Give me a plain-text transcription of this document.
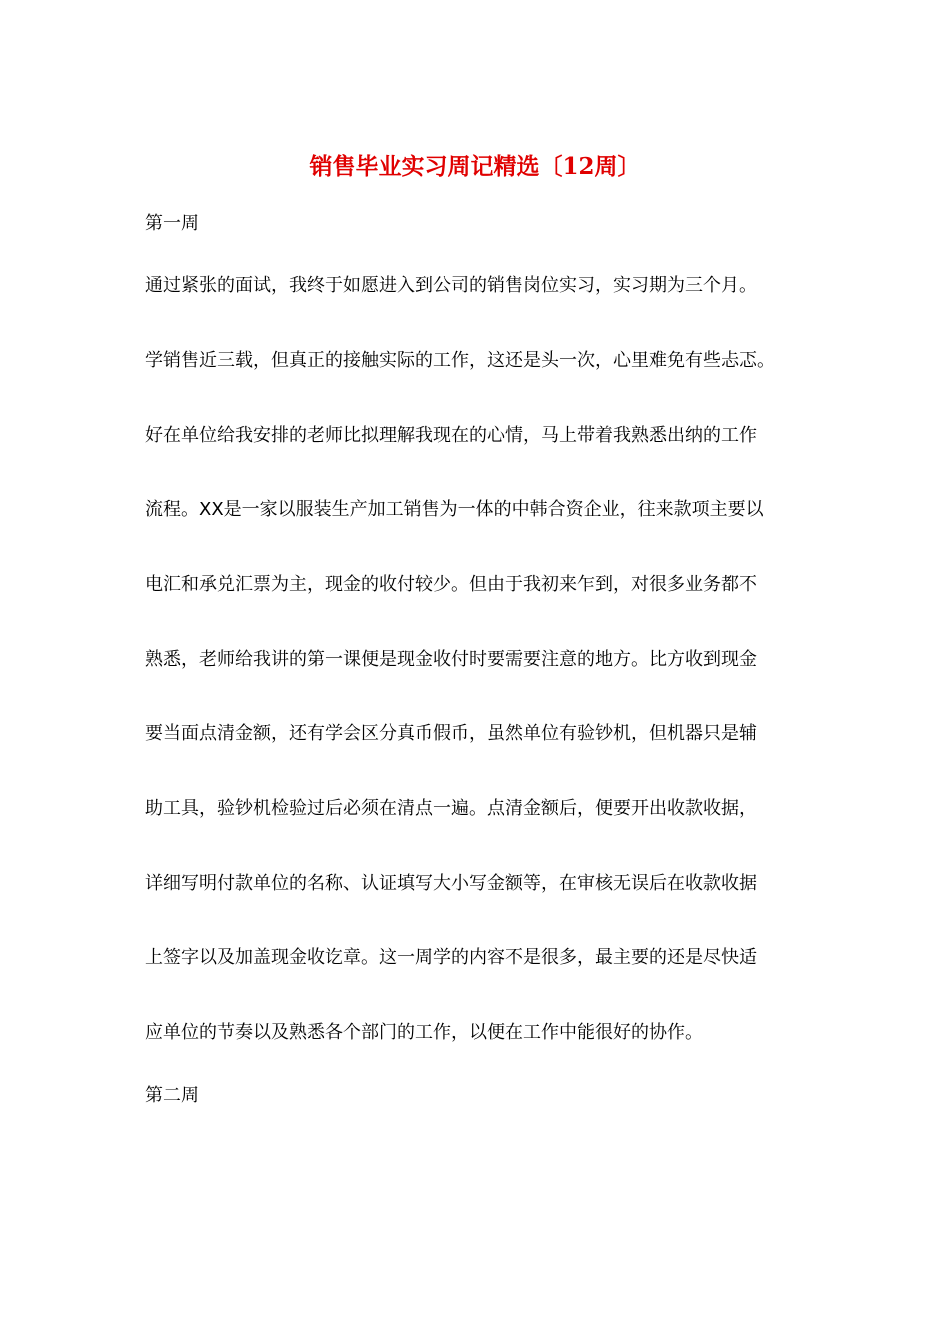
销售毕业实习周记精选〔12周〕
第一周
通过紧张的面试，我终于如愿进入到公司的销售岗位实习，实习期为三个月。
学销售近三载，但真正的接触实际的工作，这还是头一次，心里难免有些忐忑。
好在单位给我安排的老师比拟理解我现在的心情，马上带着我熟悉出纳的工作
流程。XX是一家以服装生产加工销售为一体的中韩合资企业，往来款项主要以
电汇和承兑汇票为主，现金的收付较少。但由于我初来乍到，对很多业务都不
熟悉，老师给我讲的第一课便是现金收付时要需要注意的地方。比方收到现金
要当面点清金额，还有学会区分真币假币，虽然单位有验钞机，但机器只是辅
助工具，验钞机检验过后必须在清点一遍。点清金额后，便要开出收款收据，
详细写明付款单位的名称、认证填写大小写金额等，在审核无误后在收款收据
上签字以及加盖现金收讫章。这一周学的内容不是很多，最主要的还是尽快适
应单位的节奏以及熟悉各个部门的工作，以便在工作中能很好的协作。
第二周
